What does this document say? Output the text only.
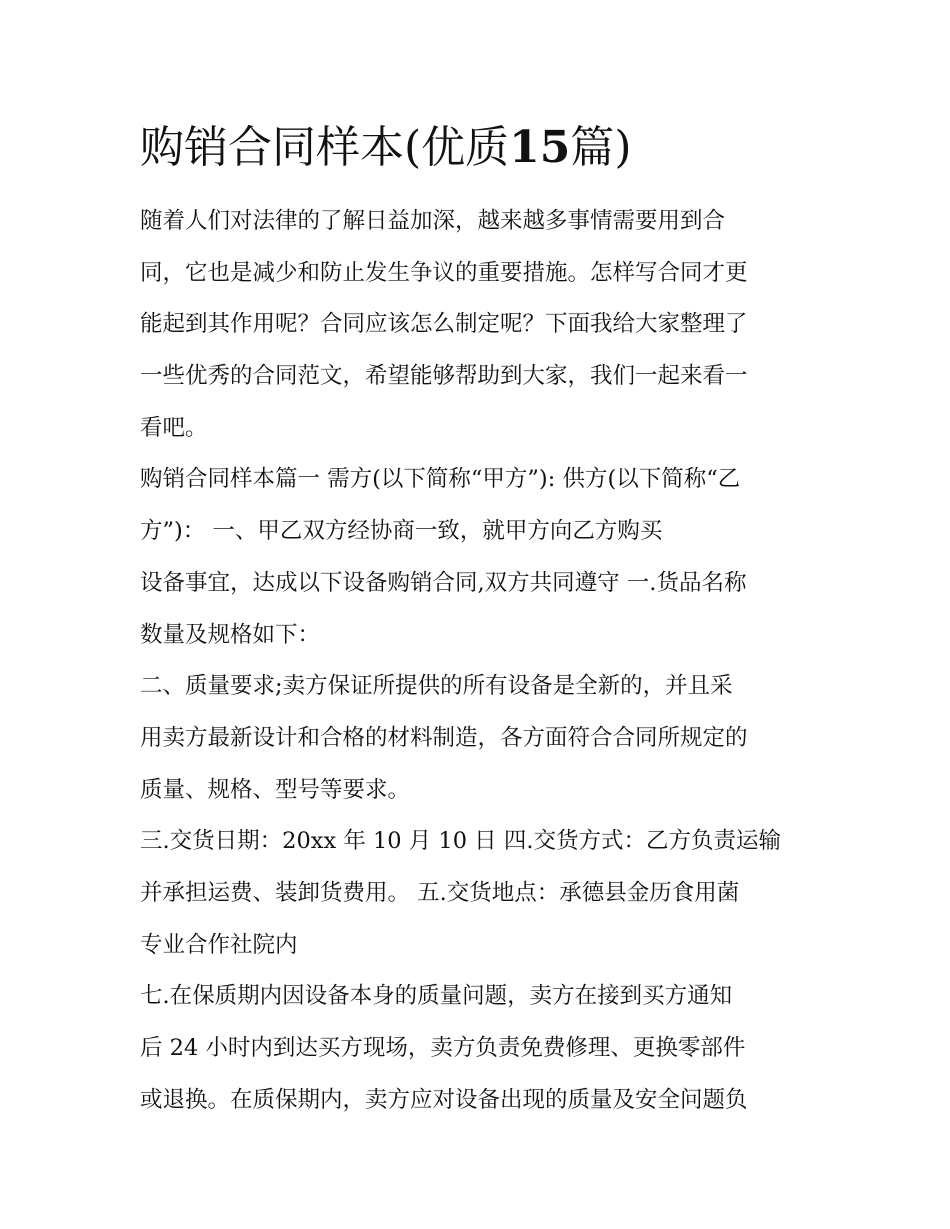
购销合同样本(优质15篇)
随着人们对法律的了解日益加深，越来越多事情需要用到合
同，它也是减少和防止发生争议的重要措施。怎样写合同才更
能起到其作用呢？合同应该怎么制定呢？下面我给大家整理了
一些优秀的合同范文，希望能够帮助到大家，我们一起来看一
看吧。
购销合同样本篇一 需方(以下简称“甲方”): 供方(以下简称“乙
方”)： 一、甲乙双方经协商一致，就甲方向乙方购买
设备事宜，达成以下设备购销合同,双方共同遵守 一.货品名称
数量及规格如下：
二、质量要求;卖方保证所提供的所有设备是全新的，并且采
用卖方最新设计和合格的材料制造，各方面符合合同所规定的
质量、规格、型号等要求。
三.交货日期：20xx 年 10 月 10 日 四.交货方式：乙方负责运输
并承担运费、装卸货费用。 五.交货地点：承德县金历食用菌
专业合作社院内
七.在保质期内因设备本身的质量问题，卖方在接到买方通知
后 24 小时内到达买方现场，卖方负责免费修理、更换零部件
或退换。在质保期内，卖方应对设备出现的质量及安全问题负
